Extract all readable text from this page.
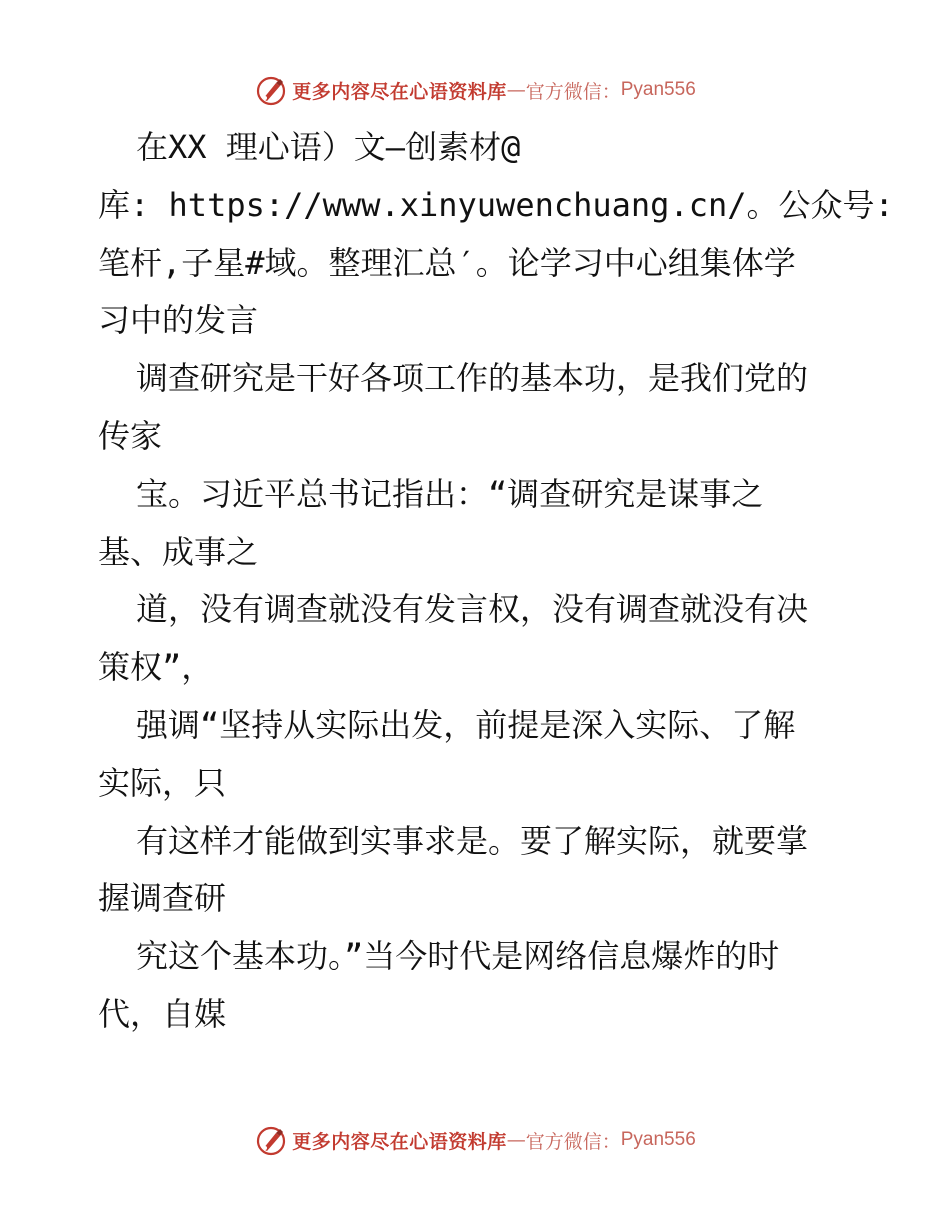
更多内容尽在心语资料库 — 官方微信： Pyan556
在XX 理心语）文—创素材@
库: https://www.xinyuwenchuang.cn/。公众号:
笔杆,子星#域。整理汇总′。论学习中心组集体学
习中的发言
调查研究是干好各项工作的基本功，是我们党的
传家
宝。习近平总书记指出：“调查研究是谋事之
基、成事之
道，没有调查就没有发言权，没有调查就没有决
策权”，
强调“坚持从实际出发，前提是深入实际、了解
实际，只
有这样才能做到实事求是。要了解实际，就要掌
握调查研
究这个基本功。”当今时代是网络信息爆炸的时
代，自媒
更多内容尽在心语资料库 — 官方微信： Pyan556
